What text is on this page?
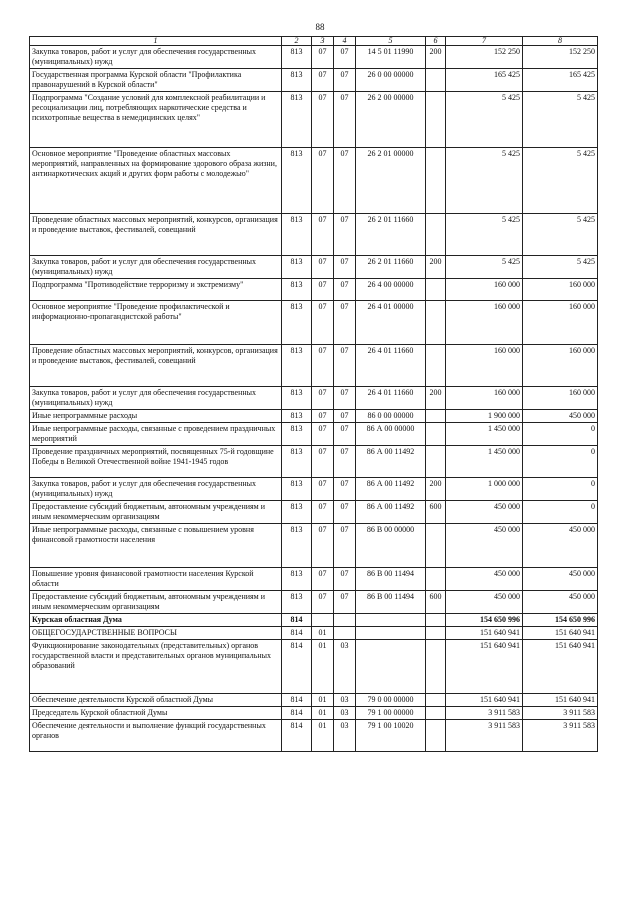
88
1	2	3	4	5	6	7	8
Закупка товаров, работ и услуг для обеспечения государственных (муниципальных) нужд	813	07	07	14 5 01 11990	200	152 250	152 250
Государственная программа Курской области "Профилактика правонарушений в Курской области"	813	07	07	26 0 00 00000		165 425	165 425
Подпрограмма "Создание условий для комплексной реабилитации и ресоциализации лиц, потребляющих наркотические средства и психотропные вещества в немедицинских целях"	813	07	07	26 2 00 00000		5 425	5 425
Основное мероприятие "Проведение областных массовых мероприятий, направленных на формирование здорового образа жизни, антинаркотических акций и других форм работы с молодежью"	813	07	07	26 2 01 00000		5 425	5 425
Проведение областных массовых мероприятий, конкурсов, организация и проведение выставок, фестивалей, совещаний	813	07	07	26 2 01 11660		5 425	5 425
Закупка товаров, работ и услуг для обеспечения государственных (муниципальных) нужд	813	07	07	26 2 01 11660	200	5 425	5 425
Подпрограмма "Противодействие терроризму и экстремизму"	813	07	07	26 4 00 00000		160 000	160 000
Основное мероприятие "Проведение профилактической и информационно-пропагандистской работы"	813	07	07	26 4 01 00000		160 000	160 000
Проведение областных массовых мероприятий, конкурсов, организация и проведение выставок, фестивалей, совещаний	813	07	07	26 4 01 11660		160 000	160 000
Закупка товаров, работ и услуг для обеспечения государственных (муниципальных) нужд	813	07	07	26 4 01 11660	200	160 000	160 000
Иные непрограммные расходы	813	07	07	86 0 00 00000		1 900 000	450 000
Иные непрограммные расходы, связанные с проведением праздничных мероприятий	813	07	07	86 А 00 00000		1 450 000	0
Проведение праздничных мероприятий, посвященных 75-й годовщине Победы в Великой Отечественной войне 1941-1945 годов	813	07	07	86 А 00 11492		1 450 000	0
Закупка товаров, работ и услуг для обеспечения государственных (муниципальных) нужд	813	07	07	86 А 00 11492	200	1 000 000	0
Предоставление субсидий бюджетным, автономным учреждениям и иным некоммерческим организациям	813	07	07	86 А 00 11492	600	450 000	0
Иные непрограммные расходы, связанные с повышением уровня финансовой грамотности населения	813	07	07	86 В 00 00000		450 000	450 000
Повышение уровня финансовой грамотности населения Курской области	813	07	07	86 В 00 11494		450 000	450 000
Предоставление субсидий бюджетным, автономным учреждениям и иным некоммерческим организациям	813	07	07	86 В 00 11494	600	450 000	450 000
Курская областная Дума	814					154 650 996	154 650 996
ОБЩЕГОСУДАРСТВЕННЫЕ ВОПРОСЫ	814	01				151 640 941	151 640 941
Функционирование законодательных (представительных) органов государственной власти и представительных органов муниципальных образований	814	01	03			151 640 941	151 640 941
Обеспечение деятельности Курской областной Думы	814	01	03	79 0 00 00000		151 640 941	151 640 941
Председатель Курской областной Думы	814	01	03	79 1 00 00000		3 911 583	3 911 583
Обеспечение деятельности и выполнение функций государственных органов	814	01	03	79 1 00 10020		3 911 583	3 911 583
